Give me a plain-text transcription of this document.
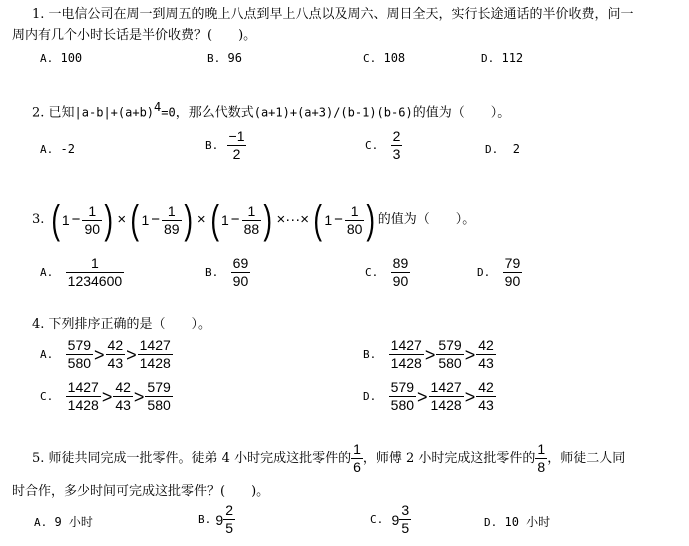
1. 一电信公司在周一到周五的晚上八点到早上八点以及周六、周日全天，实行长途通话的半价收费，问一
周内有几个小时长话是半价收费？(　　)。
A. 100	B. 96	C. 108	D. 112
2. 已知$|a-b|+(a+b)^4=0$，那么代数式(a+1)+(a+3)/(b-1)(b-6)的值为（　　）。
A. -2	B.
$\frac{-1}{2}$	C.
$\frac{2}{3}$	D. 2
3.
( $1 - \frac{1}{90}$ ) × ( $1 - \frac{1}{89}$ ) × ( $1 - \frac{1}{88}$ ) ×···× ( $1 - \frac{1}{80}$ ) 的值为（　　）。
A.
$\frac{1}{1234600}$	B.
$\frac{69}{90}$	C.
$\frac{89}{90}$	D.
$\frac{79}{90}$
4. 下列排序正确的是（　　）。
A.
$\frac{579}{580} > \frac{42}{43} > \frac{1427}{1428}$	B.
$\frac{1427}{1428} > \frac{579}{580} > \frac{42}{43}$
C.
$\frac{1427}{1428} > \frac{42}{43} > \frac{579}{580}$	D.
$\frac{579}{580} > \frac{1427}{1428} > \frac{42}{43}$
5. 师徒共同完成一批零件。徒弟 4 小时完成这批零件的 $\frac{1}{6}$ ，师傅 2 小时完成这批零件的 $\frac{1}{8}$ ，师徒二人同
时合作，多少时间可完成这批零件？(　　)。
A. 9 小时	B.
$9 \frac{2}{5}$	C.
$9 \frac{3}{5}$	D. 10 小时
